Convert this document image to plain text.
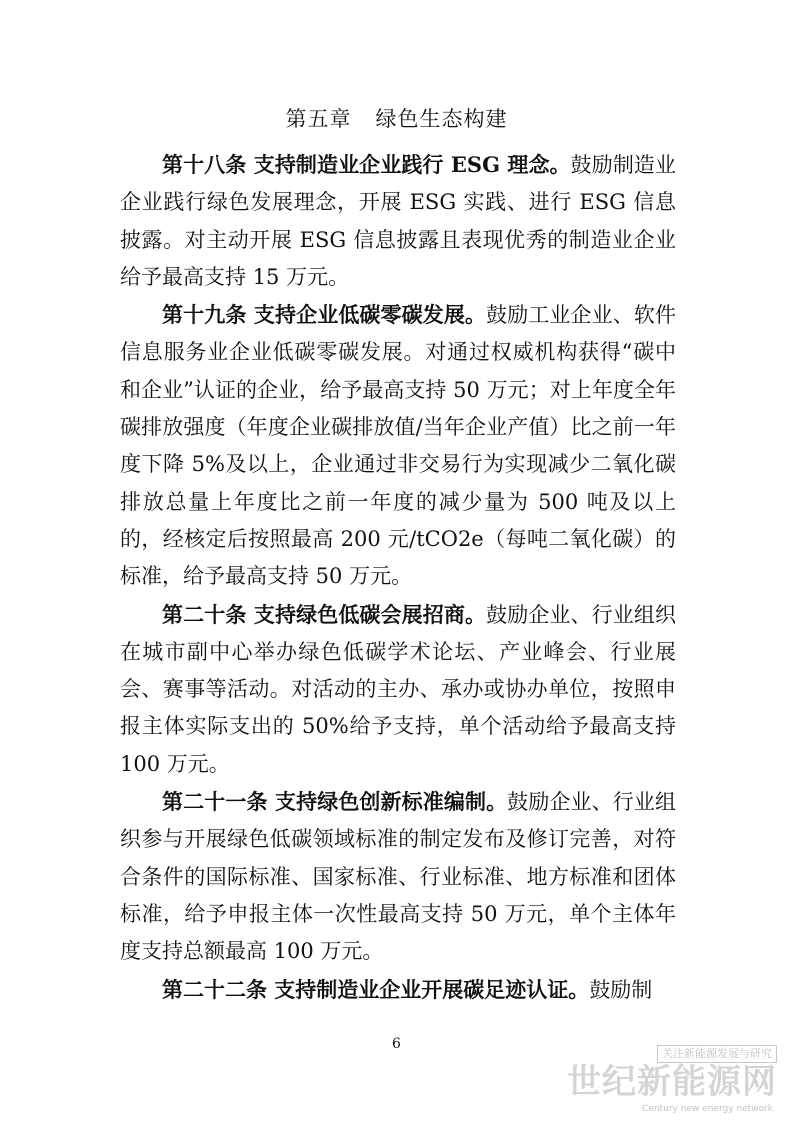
第五章 绿色生态构建

第十八条 支持制造业企业践行 ESG 理念。鼓励制造业企业践行绿色发展理念，开展 ESG 实践、进行 ESG 信息披露。对主动开展 ESG 信息披露且表现优秀的制造业企业给予最高支持 15 万元。

第十九条 支持企业低碳零碳发展。鼓励工业企业、软件信息服务业企业低碳零碳发展。对通过权威机构获得“碳中和企业”认证的企业，给予最高支持 50 万元；对上年度全年碳排放强度（年度企业碳排放值/当年企业产值）比之前一年度下降 5%及以上，企业通过非交易行为实现减少二氧化碳排放总量上年度比之前一年度的减少量为 500 吨及以上的，经核定后按照最高 200 元/tCO2e（每吨二氧化碳）的标准，给予最高支持 50 万元。

第二十条 支持绿色低碳会展招商。鼓励企业、行业组织在城市副中心举办绿色低碳学术论坛、产业峰会、行业展会、赛事等活动。对活动的主办、承办或协办单位，按照申报主体实际支出的 50%给予支持，单个活动给予最高支持 100 万元。

第二十一条 支持绿色创新标准编制。鼓励企业、行业组织参与开展绿色低碳领域标准的制定发布及修订完善，对符合条件的国际标准、国家标准、行业标准、地方标准和团体标准，给予申报主体一次性最高支持 50 万元，单个主体年度支持总额最高 100 万元。

第二十二条 支持制造业企业开展碳足迹认证。鼓励制

6
关注新能源发展与研究
世纪新能源网
Century new energy network
